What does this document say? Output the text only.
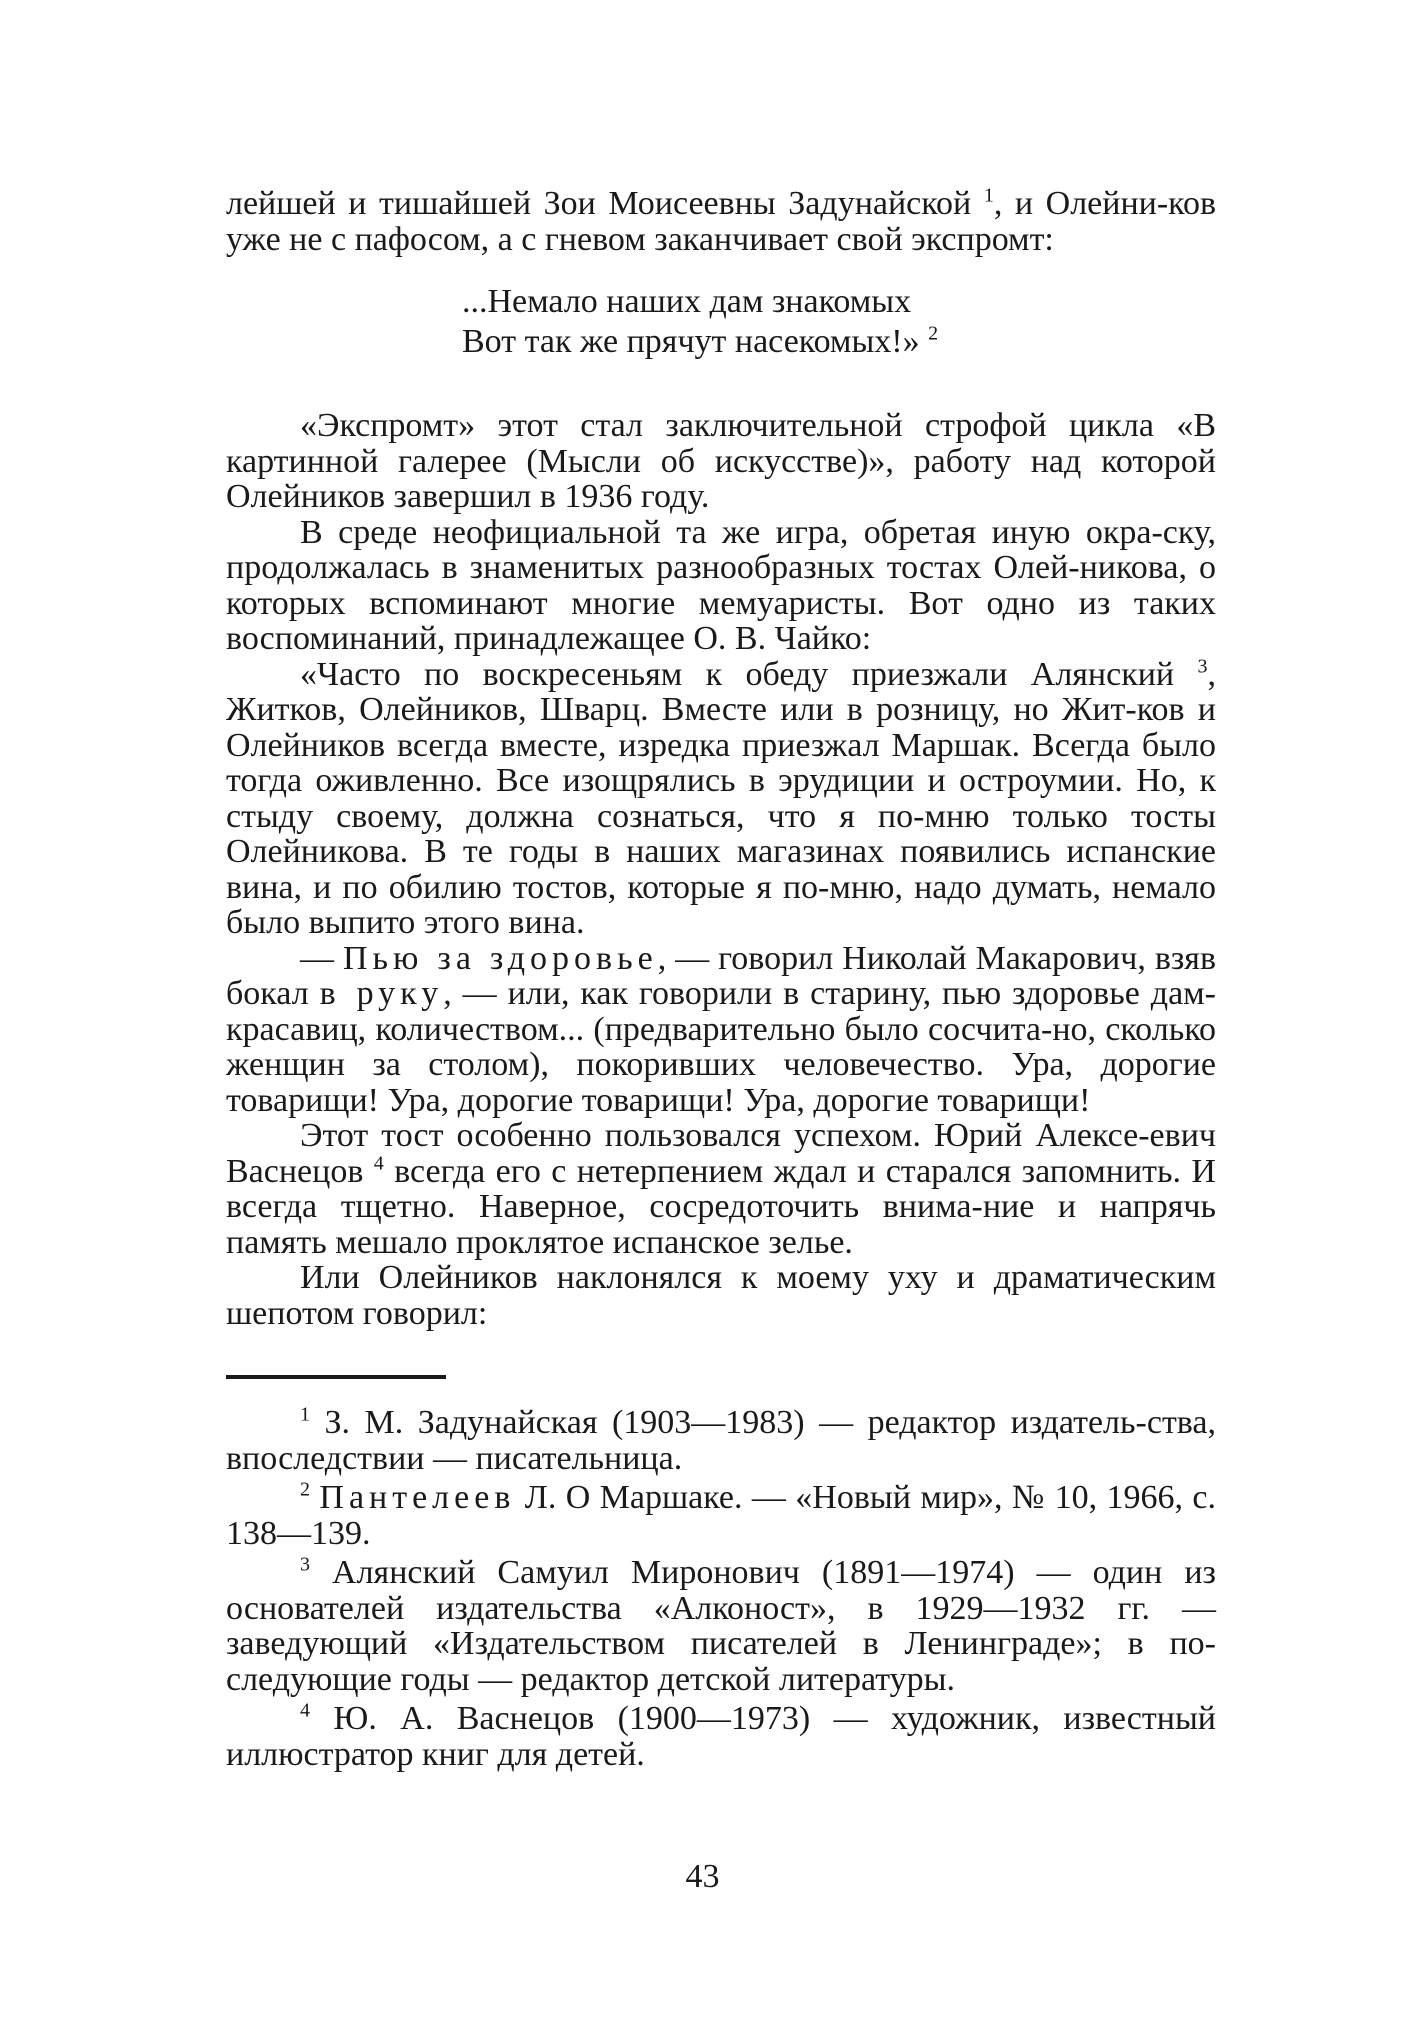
лейшей и тишайшей Зои Моисеевны Задунайской $^1$, и Олейни-ков уже не с пафосом, а с гневом заканчивает свой экспромт:

...Немало наших дам знакомых
Вот так же прячут насекомых!» $^2$

«Экспромт» этот стал заключительной строфой цикла «В картинной галерее (Мысли об искусстве)», работу над которой Олейников завершил в 1936 году.

В среде неофициальной та же игра, обретая иную окра-ску, продолжалась в знаменитых разнообразных тостах Олей-никова, о которых вспоминают многие мемуаристы. Вот одно из таких воспоминаний, принадлежащее О. В. Чайко:

«Часто по воскресеньям к обеду приезжали Алянский $^3$, Житков, Олейников, Шварц. Вместе или в розницу, но Жит-ков и Олейников всегда вместе, изредка приезжал Маршак. Всегда было тогда оживленно. Все изощрялись в эрудиции и остроумии. Но, к стыду своему, должна сознаться, что я по-мню только тосты Олейникова. В те годы в наших магазинах появились испанские вина, и по обилию тостов, которые я по-мню, надо думать, немало было выпито этого вина.

— Пью за здоровье, — говорил Николай Макарович, взяв бокал в руку, — или, как говорили в старину, пью здоровье дам-красавиц, количеством... (предварительно было сосчита-но, сколько женщин за столом), покоривших человечество. Ура, дорогие товарищи! Ура, дорогие товарищи! Ура, дорогие товарищи!

Этот тост особенно пользовался успехом. Юрий Алексе-евич Васнецов $^4$ всегда его с нетерпением ждал и старался запомнить. И всегда тщетно. Наверное, сосредоточить внима-ние и напрячь память мешало проклятое испанское зелье.

Или Олейников наклонялся к моему уху и драматическим шепотом говорил:

$^1$ З. М. Задунайская (1903—1983) — редактор издатель-ства, впоследствии — писательница.

$^2$ Пантелеев Л. О Маршаке. — «Новый мир», № 10, 1966, с. 138—139.

$^3$ Алянский Самуил Миронович (1891—1974) — один из основателей издательства «Алконост», в 1929—1932 гг. — заведующий «Издательством писателей в Ленинграде»; в по-следующие годы — редактор детской литературы.

$^4$ Ю. А. Васнецов (1900—1973) — художник, известный иллюстратор книг для детей.

43
